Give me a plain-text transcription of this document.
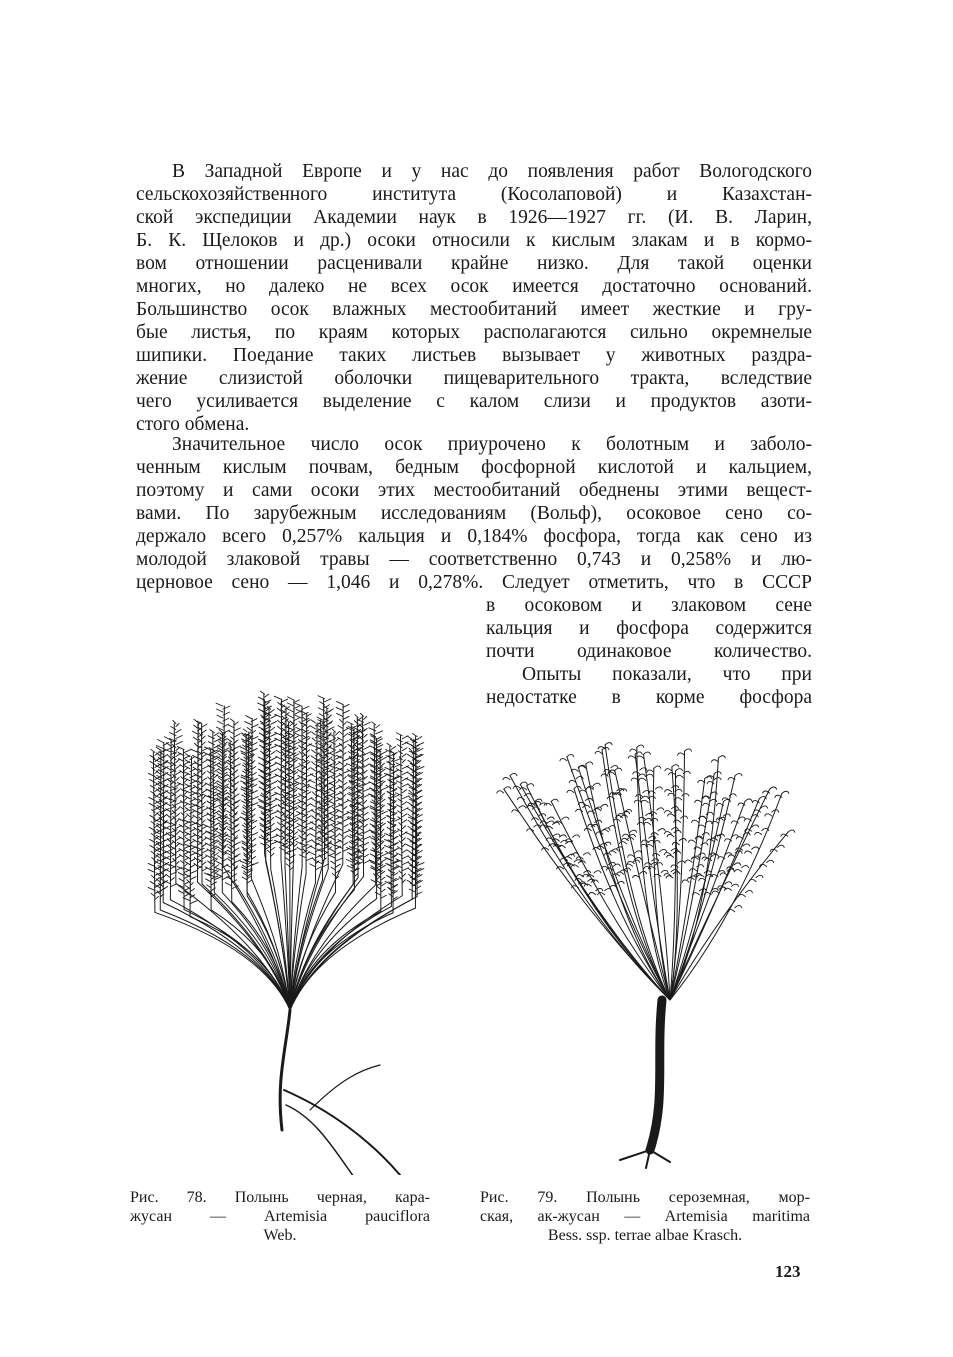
В Западной Европе и у нас до появления работ Вологодского
сельскохозяйственного института (Косолаповой) и Казахстан-
ской экспедиции Академии наук в 1926—1927 гг. (И. В. Ларин,
Б. К. Щелоков и др.) осоки относили к кислым злакам и в кормо-
вом отношении расценивали крайне низко. Для такой оценки
многих, но далеко не всех осок имеется достаточно оснований.
Большинство осок влажных местообитаний имеет жесткие и гру-
бые листья, по краям которых располагаются сильно окремнелые
шипики. Поедание таких листьев вызывает у животных раздра-
жение слизистой оболочки пищеварительного тракта, вследствие
чего усиливается выделение с калом слизи и продуктов азоти-
стого обмена.

Значительное число осок приурочено к болотным и заболо-
ченным кислым почвам, бедным фосфорной кислотой и кальцием,
поэтому и сами осоки этих местообитаний обеднены этими вещест-
вами. По зарубежным исследованиям (Вольф), осоковое сено со-
держало всего 0,257% кальция и 0,184% фосфора, тогда как сено из
молодой злаковой травы — соответственно 0,743 и 0,258% и лю-
церновое сено — 1,046 и 0,278%. Следует отметить, что в СССР

в осоковом и злаковом сене
кальция и фосфора содержится
почти одинаковое количество.
Опыты показали, что при
недостатке в корме фосфора

Рис. 78. Полынь черная, кара-
жусан — Artemisia pauciflora
Web.

Рис. 79. Полынь сероземная, мор-
ская, ак-жусан — Artemisia maritima
Bess. ssp. terrae albae Krasch.

123
